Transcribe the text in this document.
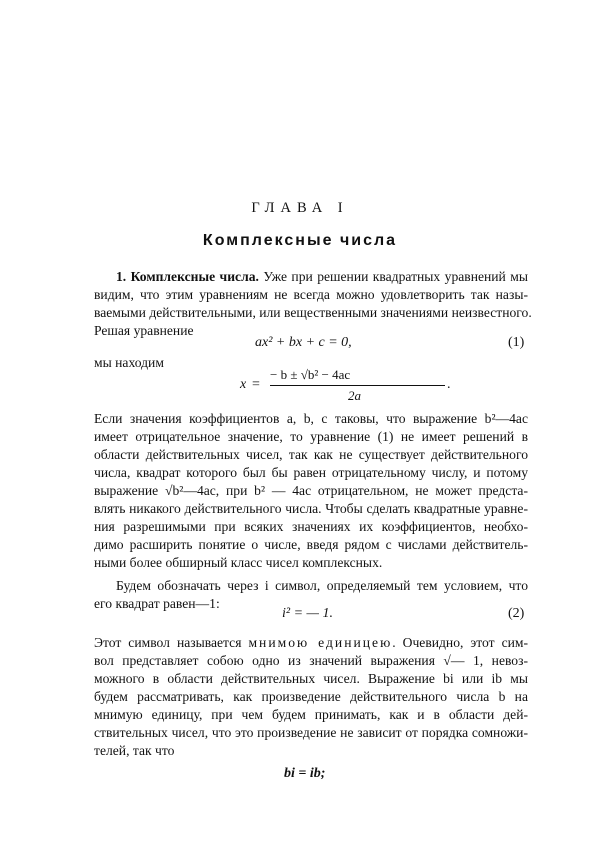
ГЛАВА I
Комплексные числа
1. Комплексные числа. Уже при решении квадратных уравнений мы
видим, что этим уравнениям не всегда можно удовлетворить так назы-
ваемыми действительными, или вещественными значениями неизвестного.
Решая уравнение
ax² + bx + c = 0,	(1)
мы находим
x =
− b ± √b² − 4ac
2a
.
Если значения коэффициентов a, b, c таковы, что выражение b²—4ac
имеет отрицательное значение, то уравнение (1) не имеет решений в
области действительных чисел, так как не существует действительного
числа, квадрат которого был бы равен отрицательному числу, и потому
выражение √b²—4ac, при b² — 4ac отрицательном, не может предста-
влять никакого действительного числа. Чтобы сделать квадратные уравне-
ния разрешимыми при всяких значениях их коэффициентов, необхо-
димо расширить понятие о числе, введя рядом с числами действитель-
ными более обширный класс чисел комплексных.
Будем обозначать через i символ, определяемый тем условием, что
его квадрат равен—1:
i² = — 1.	(2)
Этот символ называется мнимою единицею. Очевидно, этот сим-
вол представляет собою одно из значений выражения √— 1, невоз-
можного в области действительных чисел. Выражение bi или ib мы
будем рассматривать, как произведение действительного числа b на
мнимую единицу, при чем будем принимать, как и в области дей-
ствительных чисел, что это произведение не зависит от порядка сомножи-
телей, так что
bi = ib;
